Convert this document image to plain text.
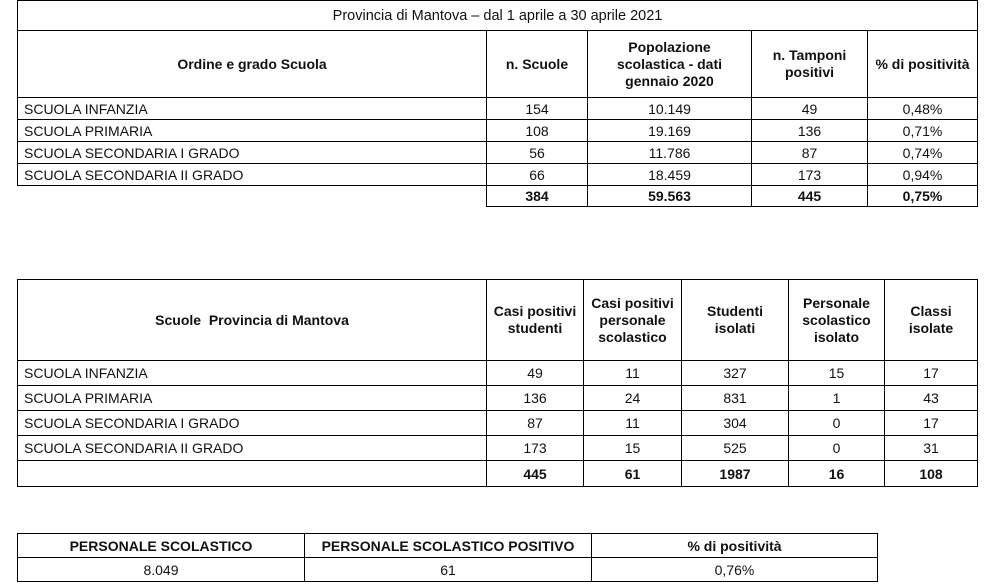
Provincia di Mantova – dal 1 aprile a 30 aprile 2021				
Ordine e grado Scuola	n. Scuole	Popolazione scolastica - dati gennaio 2020	n. Tamponi positivi	% di positività
SCUOLA INFANZIA	154	10.149	49	0,48%
SCUOLA PRIMARIA	108	19.169	136	0,71%
SCUOLA SECONDARIA I GRADO	56	11.786	87	0,74%
SCUOLA SECONDARIA II GRADO	66	18.459	173	0,94%
	384	59.563	445	0,75%
Scuole  Provincia di Mantova	Casi positivi studenti	Casi positivi personale scolastico	Studenti isolati	Personale scolastico isolato	Classi isolate
SCUOLA INFANZIA	49	11	327	15	17
SCUOLA PRIMARIA	136	24	831	1	43
SCUOLA SECONDARIA I GRADO	87	11	304	0	17
SCUOLA SECONDARIA II GRADO	173	15	525	0	31
	445	61	1987	16	108
PERSONALE SCOLASTICO	PERSONALE SCOLASTICO POSITIVO	% di positività
8.049	61	0,76%
